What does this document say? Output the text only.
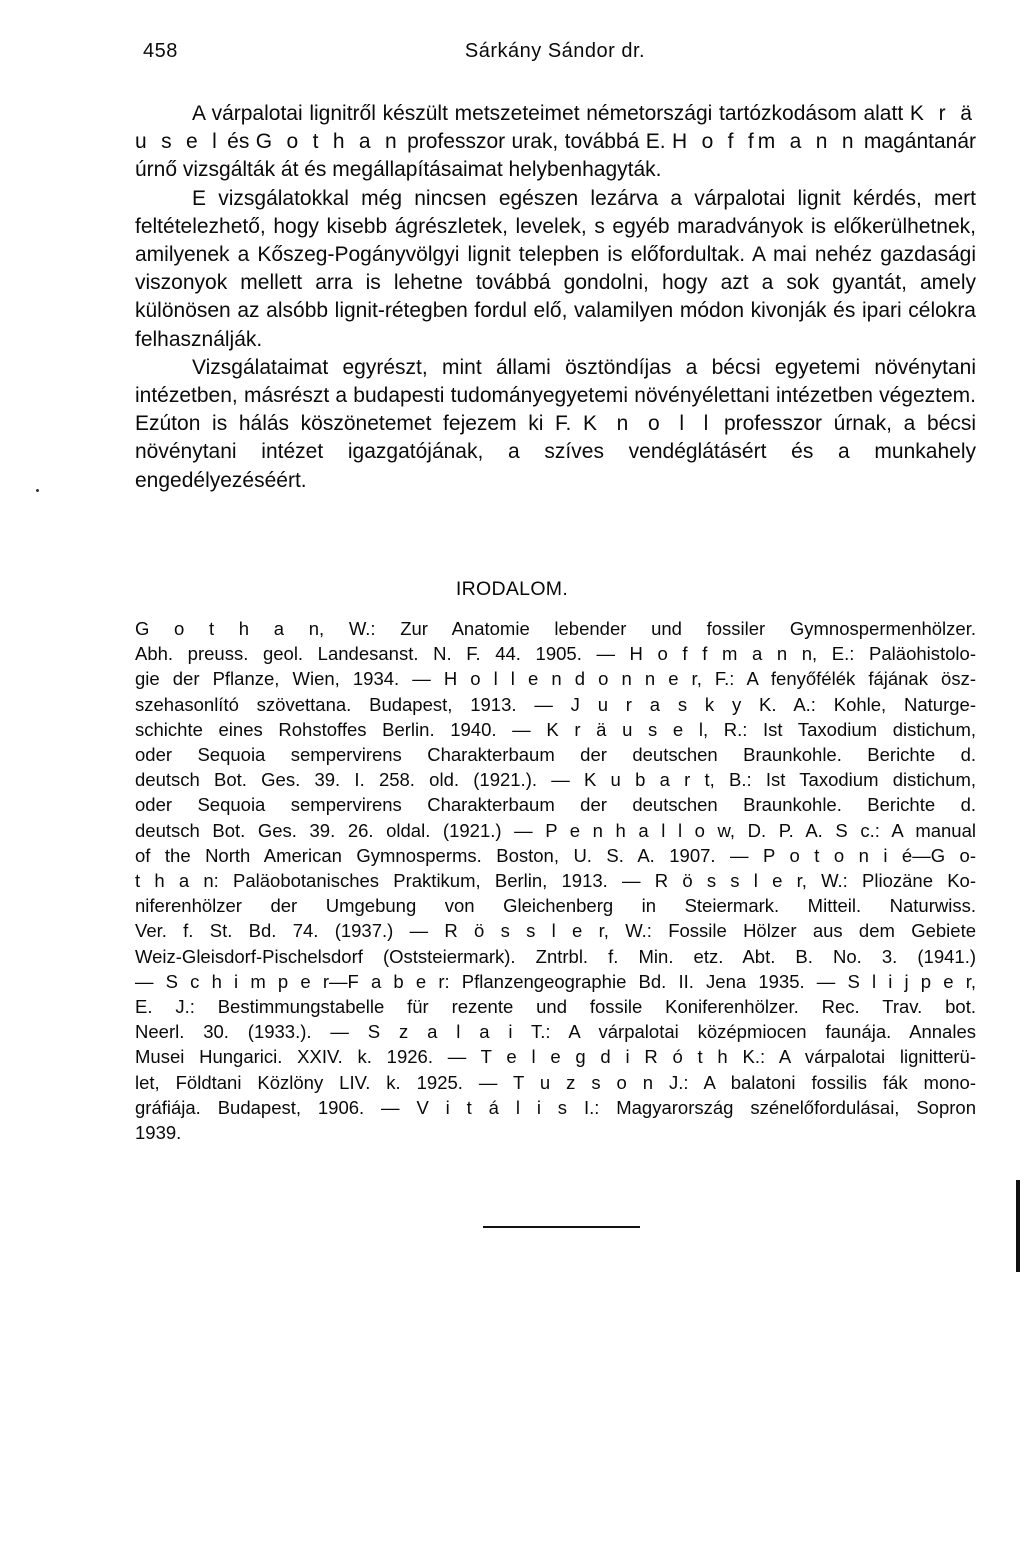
458	Sárkány Sándor dr.

A várpalotai lignitről készült metszeteimet németországi tartózkodásom alatt K r ä u s e l és G o t h a n professzor urak, továbbá E. H o f fm a n n magántanár úrnő vizsgálták át és megállapításaimat helybenhagyták.

E vizsgálatokkal még nincsen egészen lezárva a várpalotai lignit kérdés, mert feltételezhető, hogy kisebb ágrészletek, levelek, s egyéb maradványok is előkerülhetnek, amilyenek a Kőszeg-Pogányvölgyi lignit telepben is előfordultak. A mai nehéz gazdasági viszonyok mellett arra is lehetne továbbá gondolni, hogy azt a sok gyantát, amely különösen az alsóbb lignit-rétegben fordul elő, valamilyen módon kivonják és ipari célokra felhasználják.

Vizsgálataimat egyrészt, mint állami ösztöndíjas a bécsi egyetemi növénytani intézetben, másrészt a budapesti tudományegyetemi növényélettani intézetben végeztem. Ezúton is hálás köszönetemet fejezem ki F. K n o l l professzor úrnak, a bécsi növénytani intézet igazgatójának, a szíves vendéglátásért és a munkahely engedélyezéséért.

IRODALOM.
G o t h a n, W.: Zur Anatomie lebender und fossiler Gymnospermenhölzer.
Abh. preuss. geol. Landesanst. N. F. 44. 1905. — H o f f m a n n, E.: Paläohistolo-
gie der Pflanze, Wien, 1934. — H o l l e n d o n n e r, F.: A fenyőfélék fájának ösz-
szehasonlító szövettana. Budapest, 1913. — J u r a s k y K. A.: Kohle, Naturge-
schichte eines Rohstoffes Berlin. 1940. — K r ä u s e l, R.: Ist Taxodium distichum,
oder Sequoia sempervirens Charakterbaum der deutschen Braunkohle. Berichte d.
deutsch Bot. Ges. 39. I. 258. old. (1921.). — K u b a r t, B.: Ist Taxodium distichum,
oder Sequoia sempervirens Charakterbaum der deutschen Braunkohle. Berichte d.
deutsch Bot. Ges. 39. 26. oldal. (1921.) — P e n h a l l o w, D. P. A. S c.: A manual
of the North American Gymnosperms. Boston, U. S. A. 1907. — P o t o n i é—G o-
t h a n: Paläobotanisches Praktikum, Berlin, 1913. — R ö s s l e r, W.: Pliozäne Ko-
niferenhölzer der Umgebung von Gleichenberg in Steiermark. Mitteil. Naturwiss.
Ver. f. St. Bd. 74. (1937.) — R ö s s l e r, W.: Fossile Hölzer aus dem Gebiete
Weiz-Gleisdorf-Pischelsdorf (Oststeiermark). Zntrbl. f. Min. etz. Abt. B. No. 3. (1941.)
— S c h i m p e r—F a b e r: Pflanzengeographie Bd. II. Jena 1935. — S l i j p e r,
E. J.: Bestimmungstabelle für rezente und fossile Koniferenhölzer. Rec. Trav. bot.
Neerl. 30. (1933.). — S z a l a i T.: A várpalotai középmiocen faunája. Annales
Musei Hungarici. XXIV. k. 1926. — T e l e g d i R ó t h K.: A várpalotai lignitterü-
let, Földtani Közlöny LIV. k. 1925. — T u z s o n J.: A balatoni fossilis fák mono-
gráfiája. Budapest, 1906. — V i t á l i s I.: Magyarország szénelőfordulásai, Sopron
1939.
